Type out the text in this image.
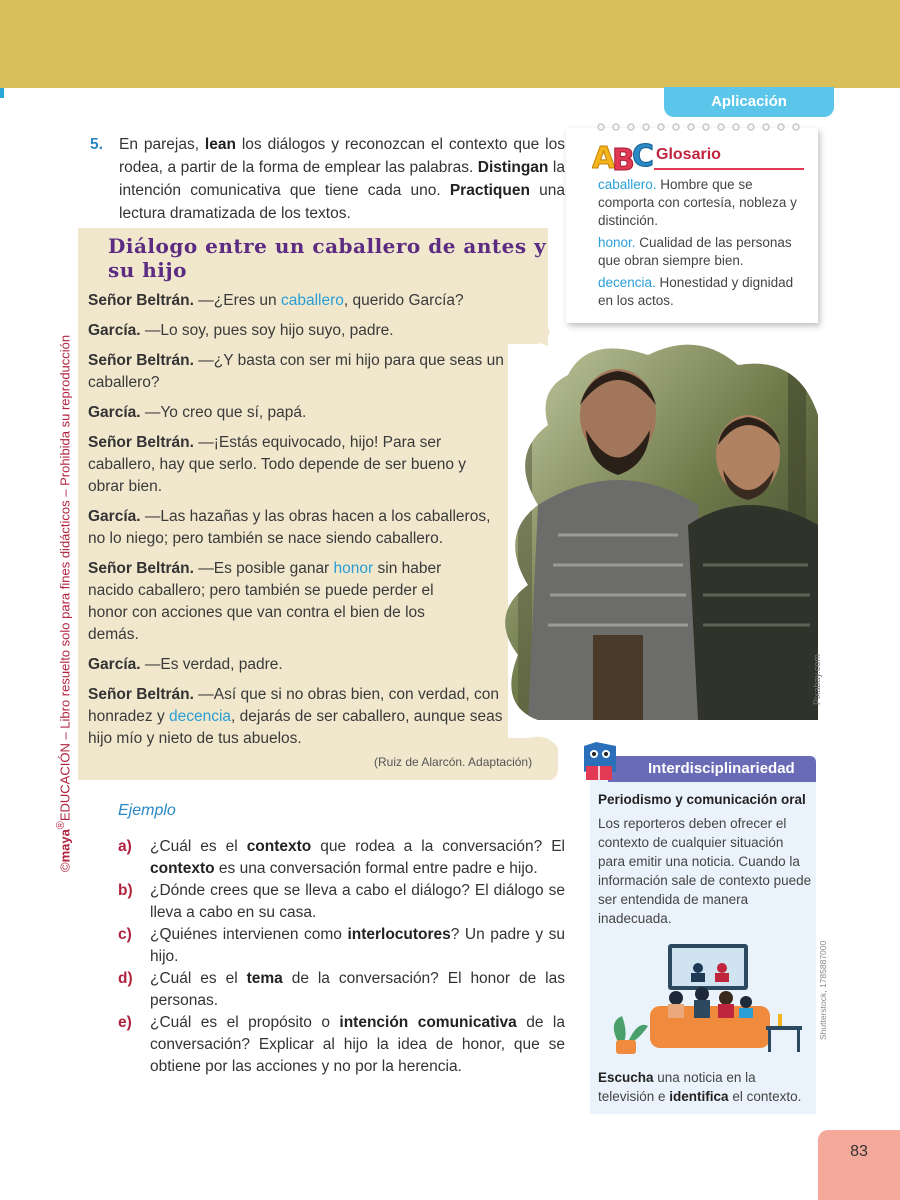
Aplicación
©maya®EDUCACIÓN – Libro resuelto solo para fines didácticos – Prohibida su reproducción
5. En parejas, lean los diálogos y reconozcan el contexto que los rodea, a partir de la forma de emplear las palabras. Distingan la intención comunicativa que tiene cada uno. Practiquen una lectura dramatizada de los textos.
Diálogo entre un caballero de antes y su hijo

Señor Beltrán. —¿Eres un caballero, querido García?

García. —Lo soy, pues soy hijo suyo, padre.

Señor Beltrán. —¿Y basta con ser mi hijo para que seas un caballero?

García. —Yo creo que sí, papá.

Señor Beltrán. —¡Estás equivocado, hijo! Para ser caballero, hay que serlo. Todo depende de ser bueno y obrar bien.

García. —Las hazañas y las obras hacen a los caballeros, no lo niego; pero también se nace siendo caballero.

Señor Beltrán. —Es posible ganar honor sin haber nacido caballero; pero también se puede perder el honor con acciones que van contra el bien de los demás.

García. —Es verdad, padre.

Señor Beltrán. —Así que si no obras bien, con verdad, con honradez y decencia, dejarás de ser caballero, aunque seas hijo mío y nieto de tus abuelos.

(Ruiz de Alarcón. Adaptación)
Pixabay.com
A
B
C Glosario

caballero. Hombre que se comporta con cortesía, nobleza y distinción.

honor. Cualidad de las personas que obran siempre bien.

decencia. Honestidad y dignidad en los actos.

Ejemplo
a) ¿Cuál es el contexto que rodea a la conversación? El contexto es una conversación formal entre padre e hijo.
b) ¿Dónde crees que se lleva a cabo el diálogo? El diálogo se lleva a cabo en su casa.
c) ¿Quiénes intervienen como interlocutores? Un padre y su hijo.
d) ¿Cuál es el tema de la conversación? El honor de las personas.
e) ¿Cuál es el propósito o intención comunicativa de la conversación? Explicar al hijo la idea de honor, que se obtiene por las acciones y no por la herencia.
Interdisciplinariedad
Periodismo y comunicación oral
Los reporteros deben ofrecer el contexto de cualquier situación para emitir una noticia. Cuando la información sale de contexto puede ser entendida de manera inadecuada.
Escucha una noticia en la televisión e identifica el contexto.
Shutterstock, 1785887000
83
